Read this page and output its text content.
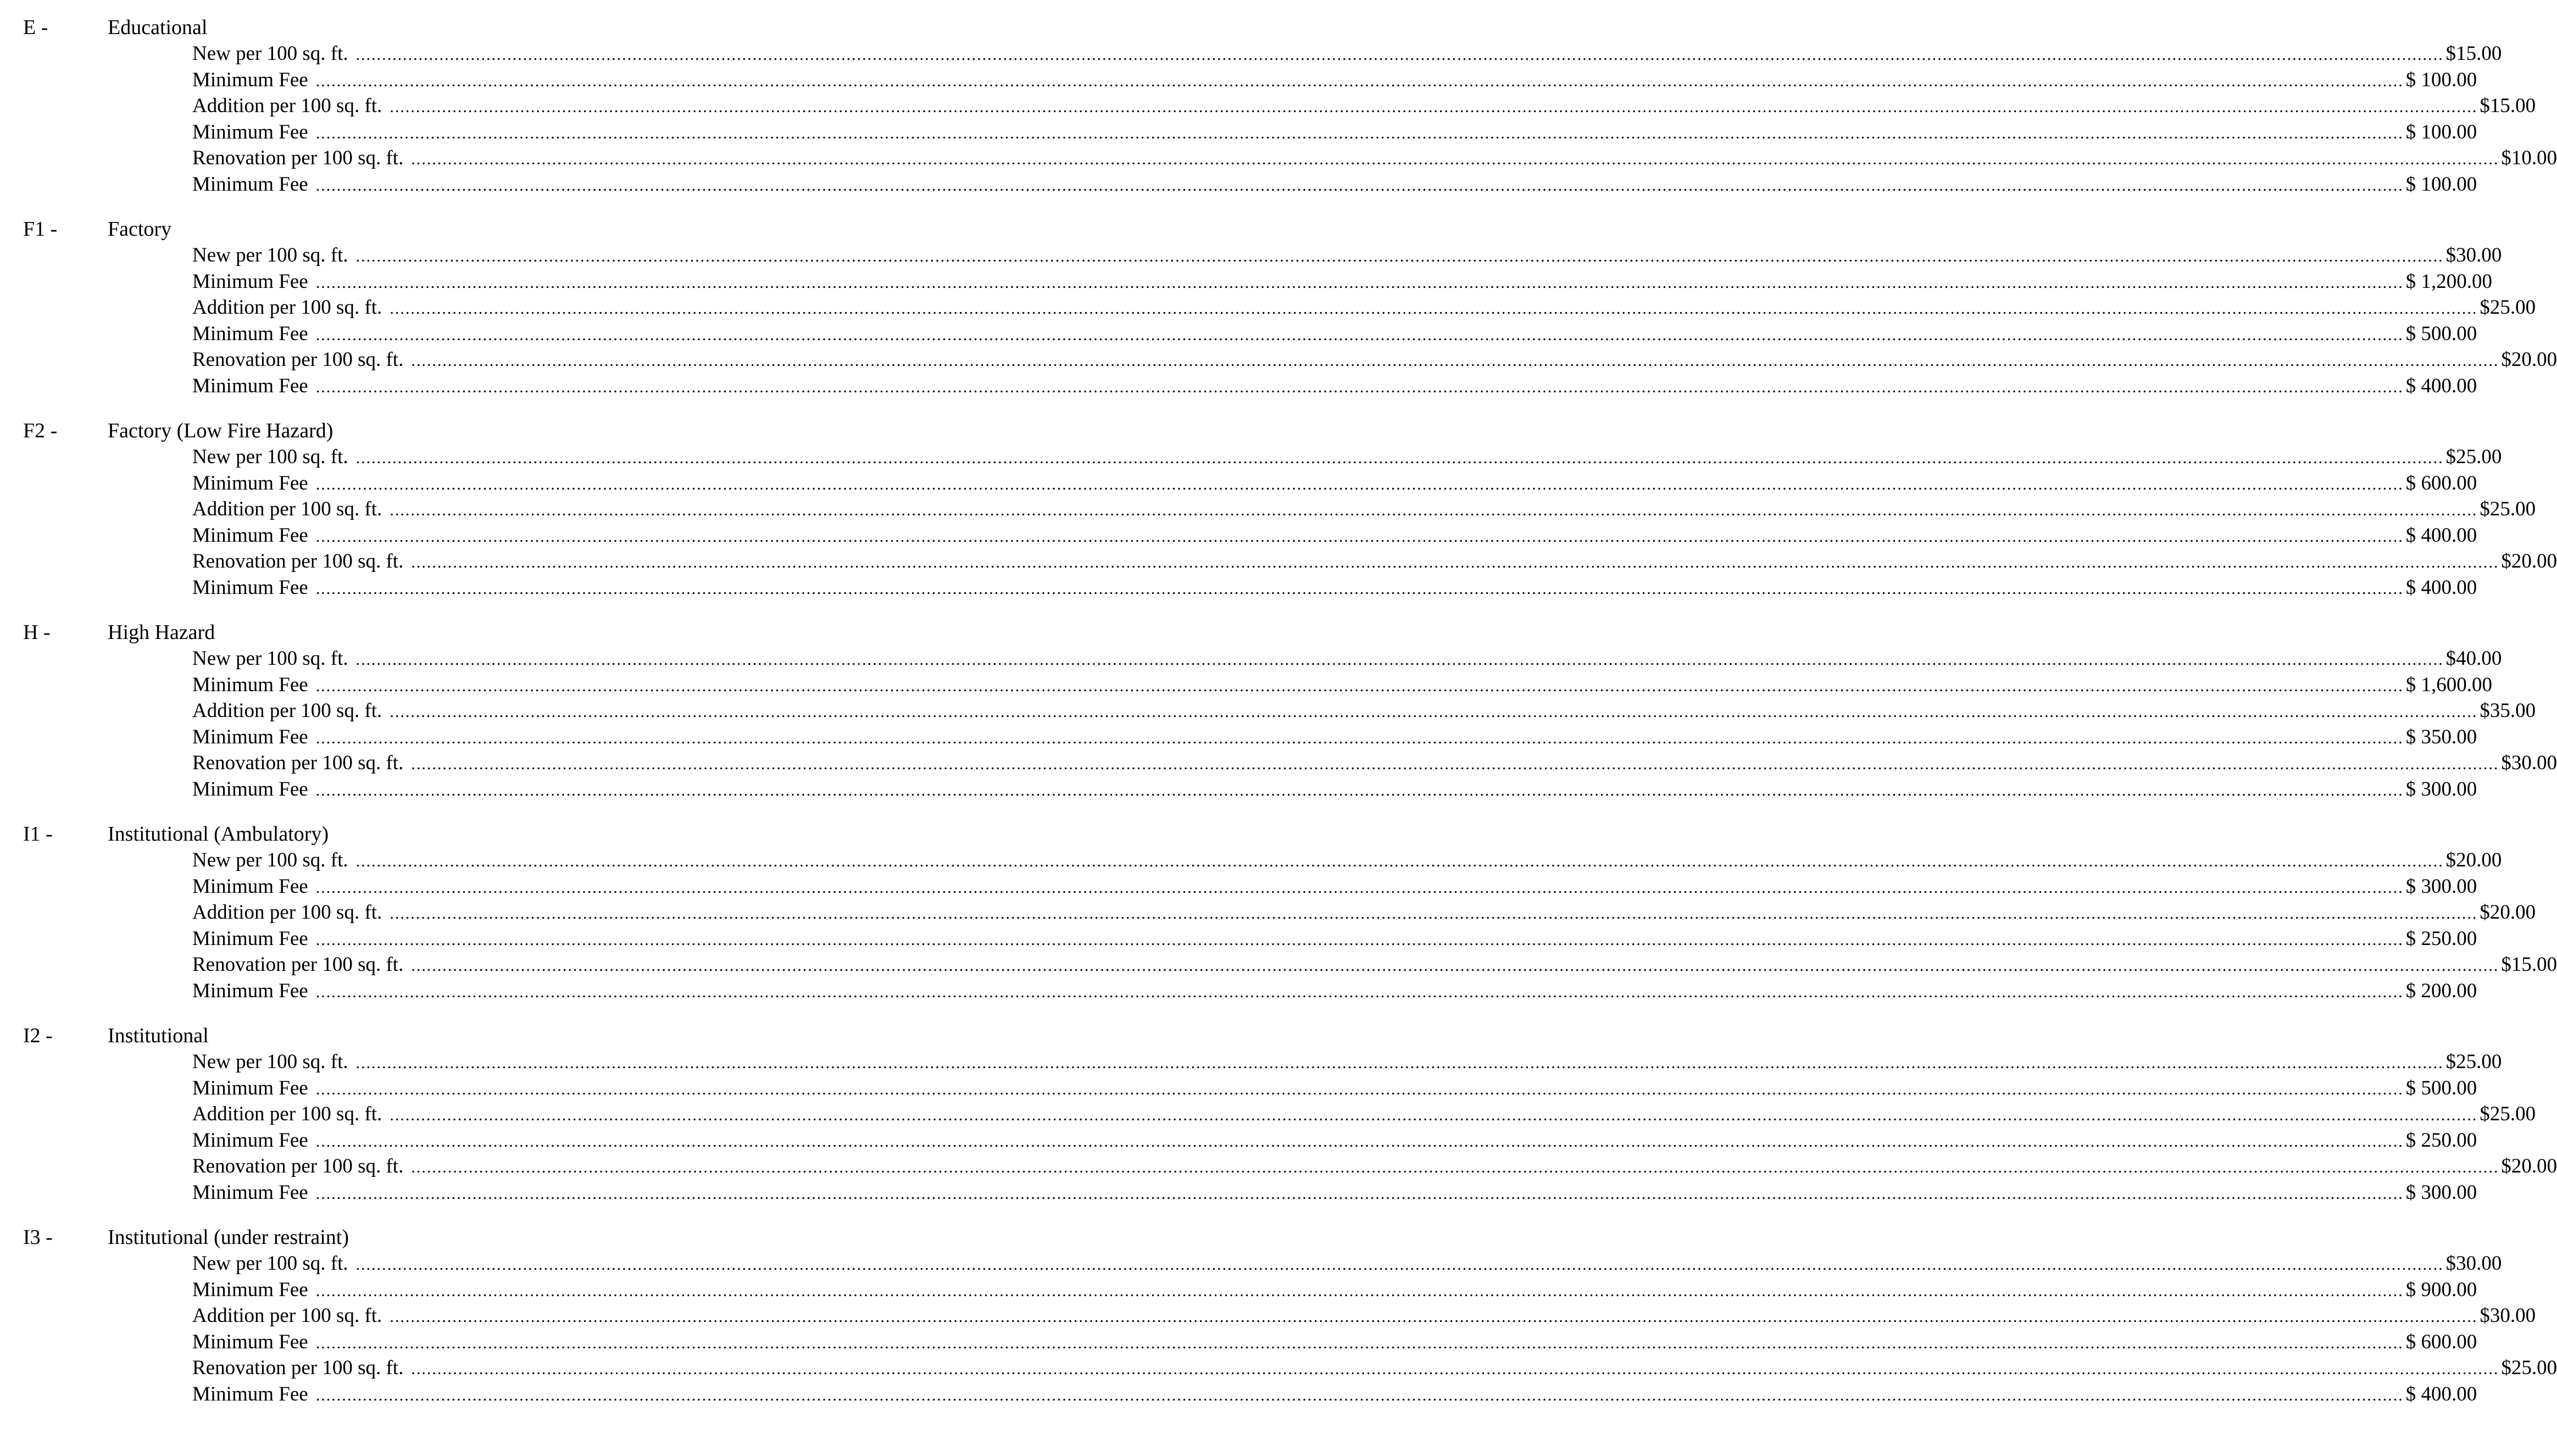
E -	Educational
New per 100 sq. ft. ................................................................................................................................................................................................................................................................................................................................................................................................................ $15.00
Minimum Fee ................................................................................................................................................................................................................................................................................................................................................................................................................ $ 100.00
Addition per 100 sq. ft. ................................................................................................................................................................................................................................................................................................................................................................................................................ $15.00
Minimum Fee ................................................................................................................................................................................................................................................................................................................................................................................................................ $ 100.00
Renovation per 100 sq. ft. ................................................................................................................................................................................................................................................................................................................................................................................................................ $10.00
Minimum Fee ................................................................................................................................................................................................................................................................................................................................................................................................................ $ 100.00
F1 - Factory
New per 100 sq. ft. ................................................................................................................................................................................................................................................................................................................................................................................................................ $30.00
Minimum Fee ................................................................................................................................................................................................................................................................................................................................................................................................................ $ 1,200.00
Addition per 100 sq. ft. ................................................................................................................................................................................................................................................................................................................................................................................................................ $25.00
Minimum Fee ................................................................................................................................................................................................................................................................................................................................................................................................................ $ 500.00
Renovation per 100 sq. ft. ................................................................................................................................................................................................................................................................................................................................................................................................................ $20.00
Minimum Fee ................................................................................................................................................................................................................................................................................................................................................................................................................ $ 400.00
F2 - Factory (Low Fire Hazard)
New per 100 sq. ft. ................................................................................................................................................................................................................................................................................................................................................................................................................ $25.00
Minimum Fee ................................................................................................................................................................................................................................................................................................................................................................................................................ $ 600.00
Addition per 100 sq. ft. ................................................................................................................................................................................................................................................................................................................................................................................................................ $25.00
Minimum Fee ................................................................................................................................................................................................................................................................................................................................................................................................................ $ 400.00
Renovation per 100 sq. ft. ................................................................................................................................................................................................................................................................................................................................................................................................................ $20.00
Minimum Fee ................................................................................................................................................................................................................................................................................................................................................................................................................ $ 400.00
H -	High Hazard
New per 100 sq. ft. ................................................................................................................................................................................................................................................................................................................................................................................................................ $40.00
Minimum Fee ................................................................................................................................................................................................................................................................................................................................................................................................................ $ 1,600.00
Addition per 100 sq. ft. ................................................................................................................................................................................................................................................................................................................................................................................................................ $35.00
Minimum Fee ................................................................................................................................................................................................................................................................................................................................................................................................................ $ 350.00
Renovation per 100 sq. ft. ................................................................................................................................................................................................................................................................................................................................................................................................................ $30.00
Minimum Fee ................................................................................................................................................................................................................................................................................................................................................................................................................ $ 300.00
I1 -	Institutional (Ambulatory)
New per 100 sq. ft. ................................................................................................................................................................................................................................................................................................................................................................................................................ $20.00
Minimum Fee ................................................................................................................................................................................................................................................................................................................................................................................................................ $ 300.00
Addition per 100 sq. ft. ................................................................................................................................................................................................................................................................................................................................................................................................................ $20.00
Minimum Fee ................................................................................................................................................................................................................................................................................................................................................................................................................ $ 250.00
Renovation per 100 sq. ft. ................................................................................................................................................................................................................................................................................................................................................................................................................ $15.00
Minimum Fee ................................................................................................................................................................................................................................................................................................................................................................................................................ $ 200.00
I2 -	Institutional
New per 100 sq. ft. ................................................................................................................................................................................................................................................................................................................................................................................................................ $25.00
Minimum Fee ................................................................................................................................................................................................................................................................................................................................................................................................................ $ 500.00
Addition per 100 sq. ft. ................................................................................................................................................................................................................................................................................................................................................................................................................ $25.00
Minimum Fee ................................................................................................................................................................................................................................................................................................................................................................................................................ $ 250.00
Renovation per 100 sq. ft. ................................................................................................................................................................................................................................................................................................................................................................................................................ $20.00
Minimum Fee ................................................................................................................................................................................................................................................................................................................................................................................................................ $ 300.00
I3 -	Institutional (under restraint)
New per 100 sq. ft. ................................................................................................................................................................................................................................................................................................................................................................................................................ $30.00
Minimum Fee ................................................................................................................................................................................................................................................................................................................................................................................................................ $ 900.00
Addition per 100 sq. ft. ................................................................................................................................................................................................................................................................................................................................................................................................................ $30.00
Minimum Fee ................................................................................................................................................................................................................................................................................................................................................................................................................ $ 600.00
Renovation per 100 sq. ft. ................................................................................................................................................................................................................................................................................................................................................................................................................ $25.00
Minimum Fee ................................................................................................................................................................................................................................................................................................................................................................................................................ $ 400.00
